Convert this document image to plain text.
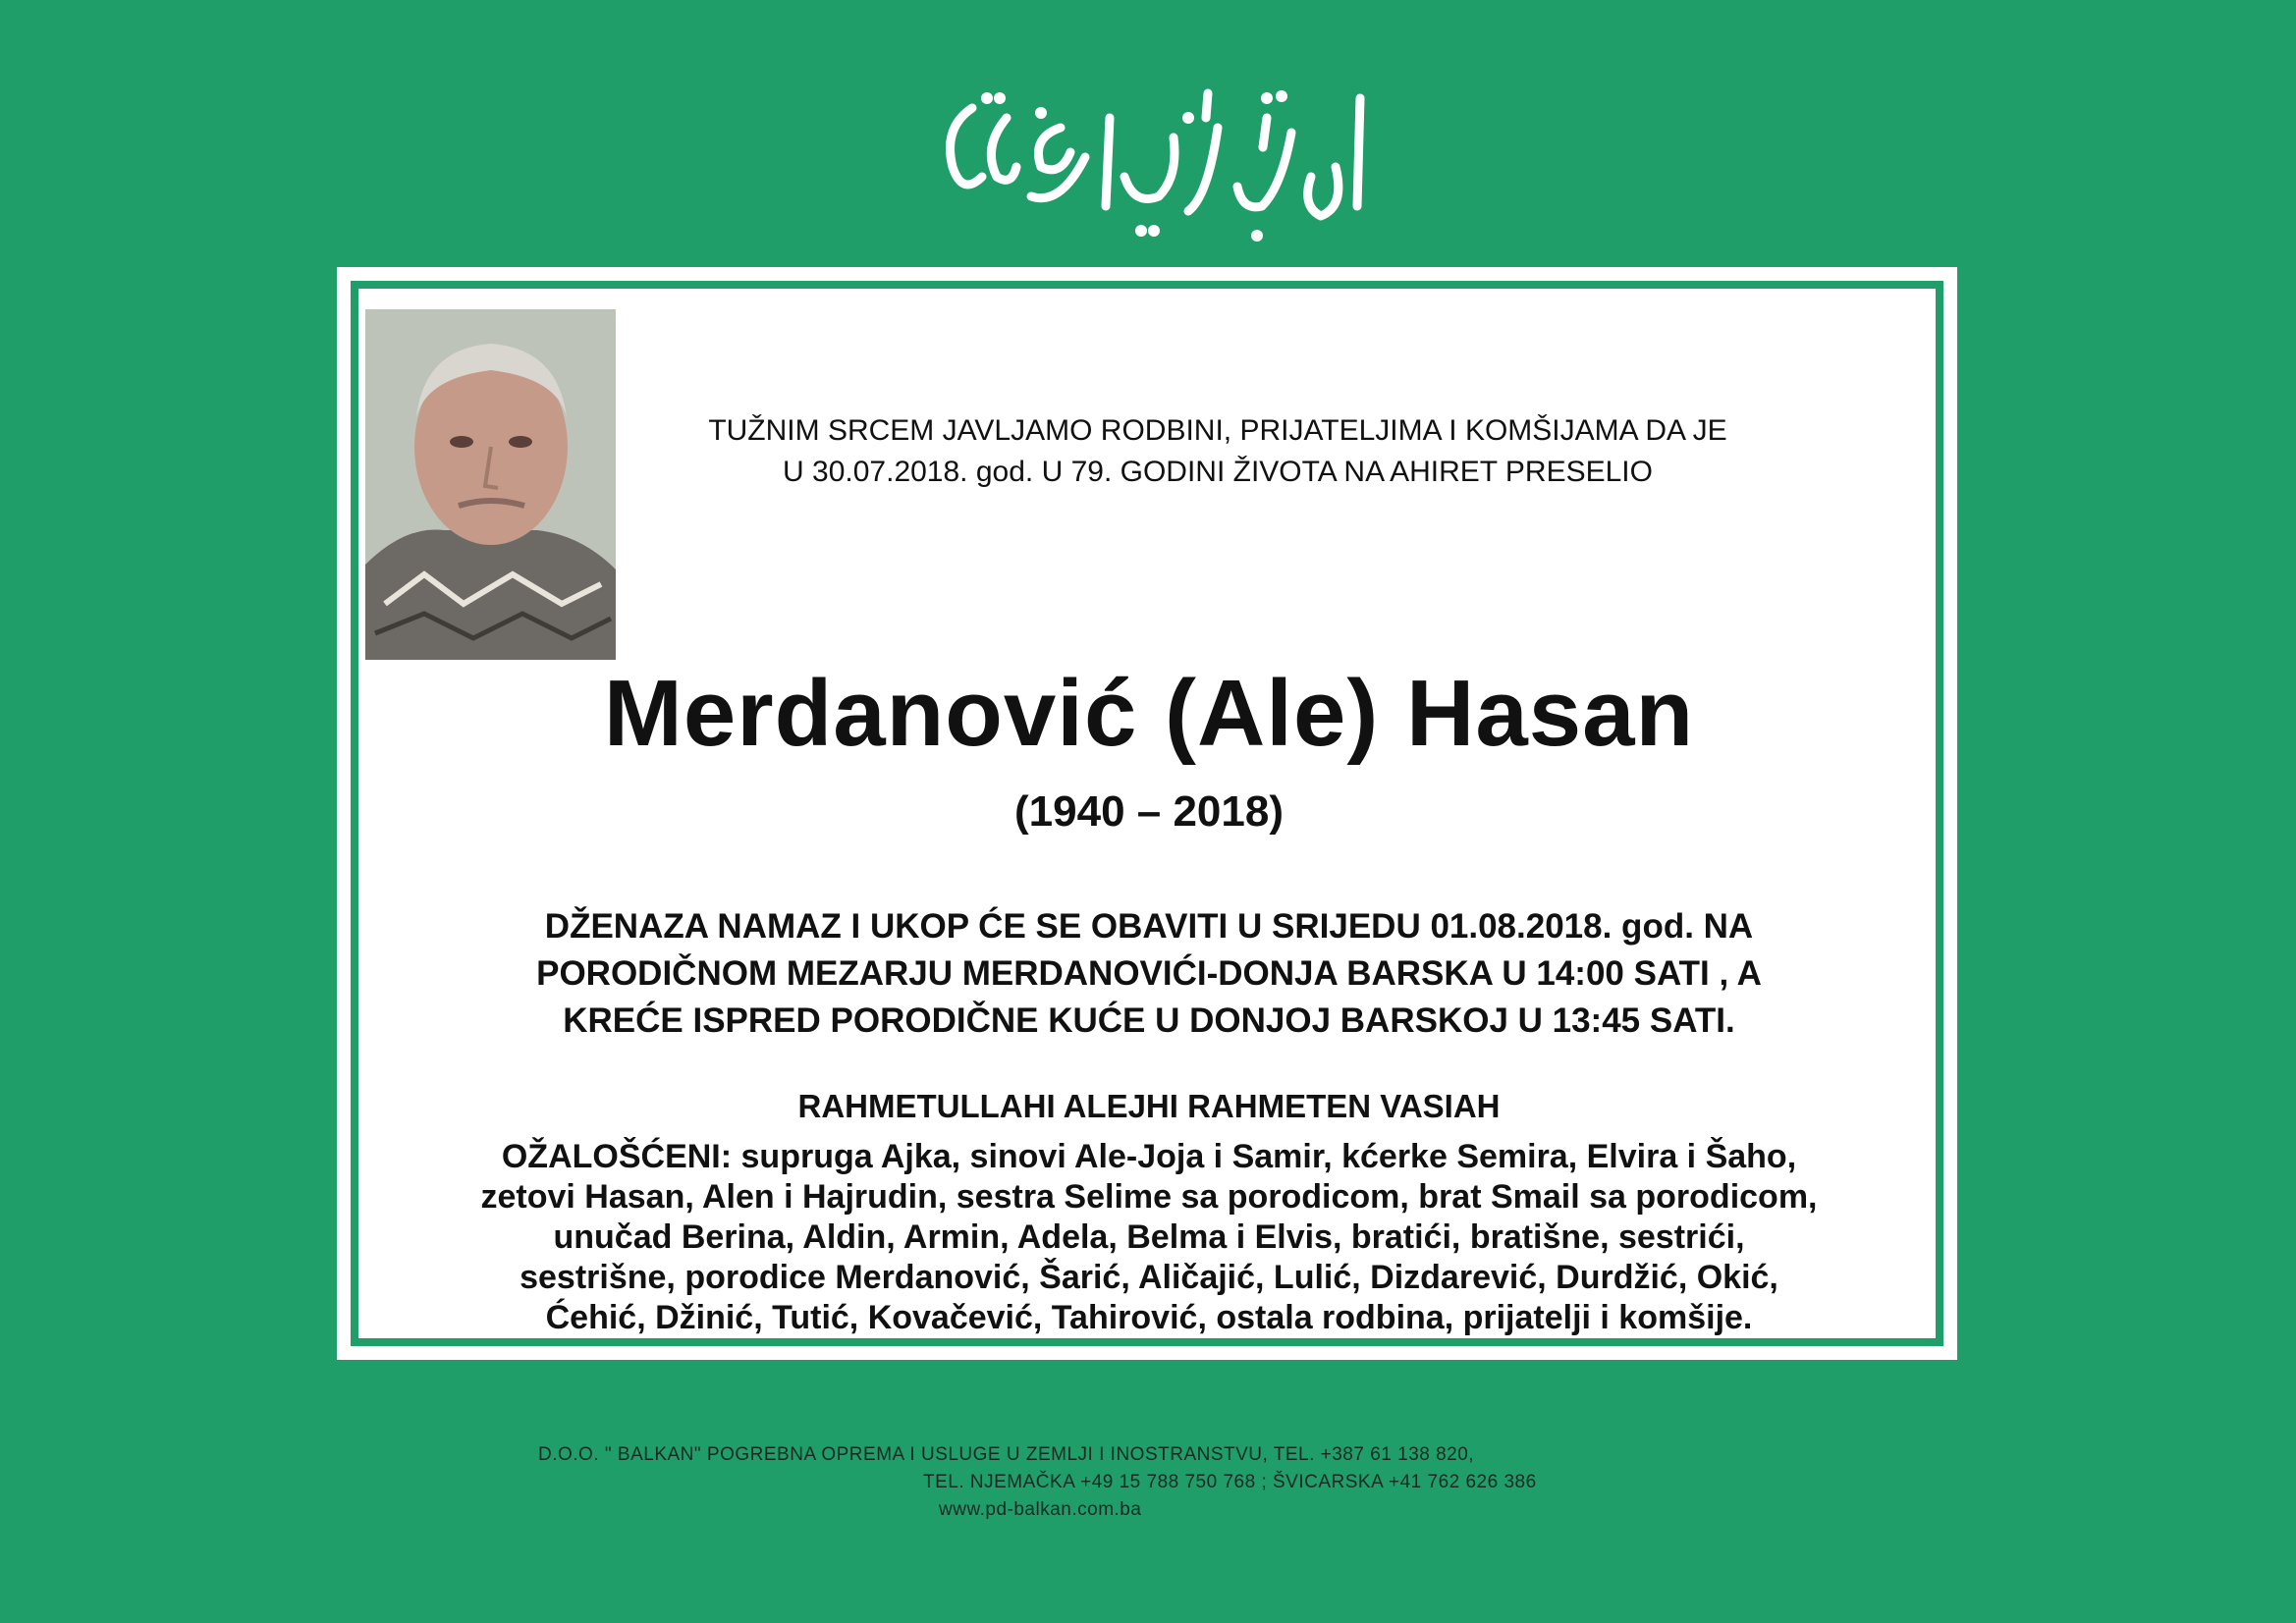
TUŽNIM SRCEM JAVLJAMO RODBINI, PRIJATELJIMA I KOMŠIJAMA DA JE
U 30.07.2018. god. U 79. GODINI ŽIVOTA NA AHIRET PRESELIO
Merdanović (Ale) Hasan
(1940 – 2018)
DŽENAZA NAMAZ I UKOP ĆE SE OBAVITI U SRIJEDU 01.08.2018. god. NA
PORODIČNOM MEZARJU MERDANOVIĆI-DONJA BARSKA U 14:00 SATI , A
KREĆE ISPRED PORODIČNE KUĆE U DONJOJ BARSKOJ U 13:45 SATI.
RAHMETULLAHI ALEJHI RAHMETEN VASIAH
OŽALOŠĆENI: supruga Ajka, sinovi Ale-Joja i Samir, kćerke Semira, Elvira i Šaho,
zetovi Hasan, Alen i Hajrudin, sestra Selime sa porodicom, brat Smail sa porodicom,
unučad Berina, Aldin, Armin, Adela, Belma i Elvis, bratići, bratišne, sestrići,
sestrišne, porodice Merdanović, Šarić, Aličajić, Lulić, Dizdarević, Durdžić, Okić,
Ćehić, Džinić, Tutić, Kovačević, Tahirović, ostala rodbina, prijatelji i komšije.
D.O.O. " BALKAN" POGREBNA OPREMA I USLUGE U ZEMLJI I INOSTRANSTVU, TEL. +387 61 138 820,
TEL. NJEMAČKA +49 15 788 750 768 ; ŠVICARSKA +41 762 626 386
www.pd-balkan.com.ba
